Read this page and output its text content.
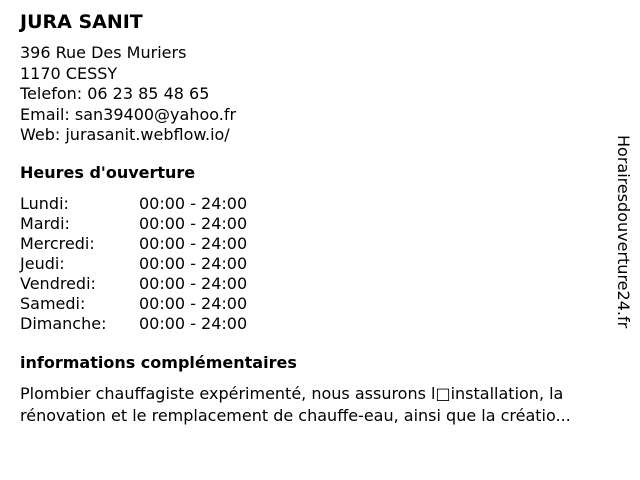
JURA SANIT
396 Rue Des Muriers
1170 CESSY
Telefon: 06 23 85 48 65
Email: san39400@yahoo.fr
Web: jurasanit.webflow.io/
Heures d'ouverture
Lundi:	00:00 - 24:00
Mardi:	00:00 - 24:00
Mercredi:	00:00 - 24:00
Jeudi:	00:00 - 24:00
Vendredi:	00:00 - 24:00
Samedi:	00:00 - 24:00
Dimanche:	00:00 - 24:00
informations complémentaires
Plombier chauffagiste expérimenté, nous assurons l□installation, la
rénovation et le remplacement de chauffe-eau, ainsi que la créatio...
Horairesdouverture24.fr
